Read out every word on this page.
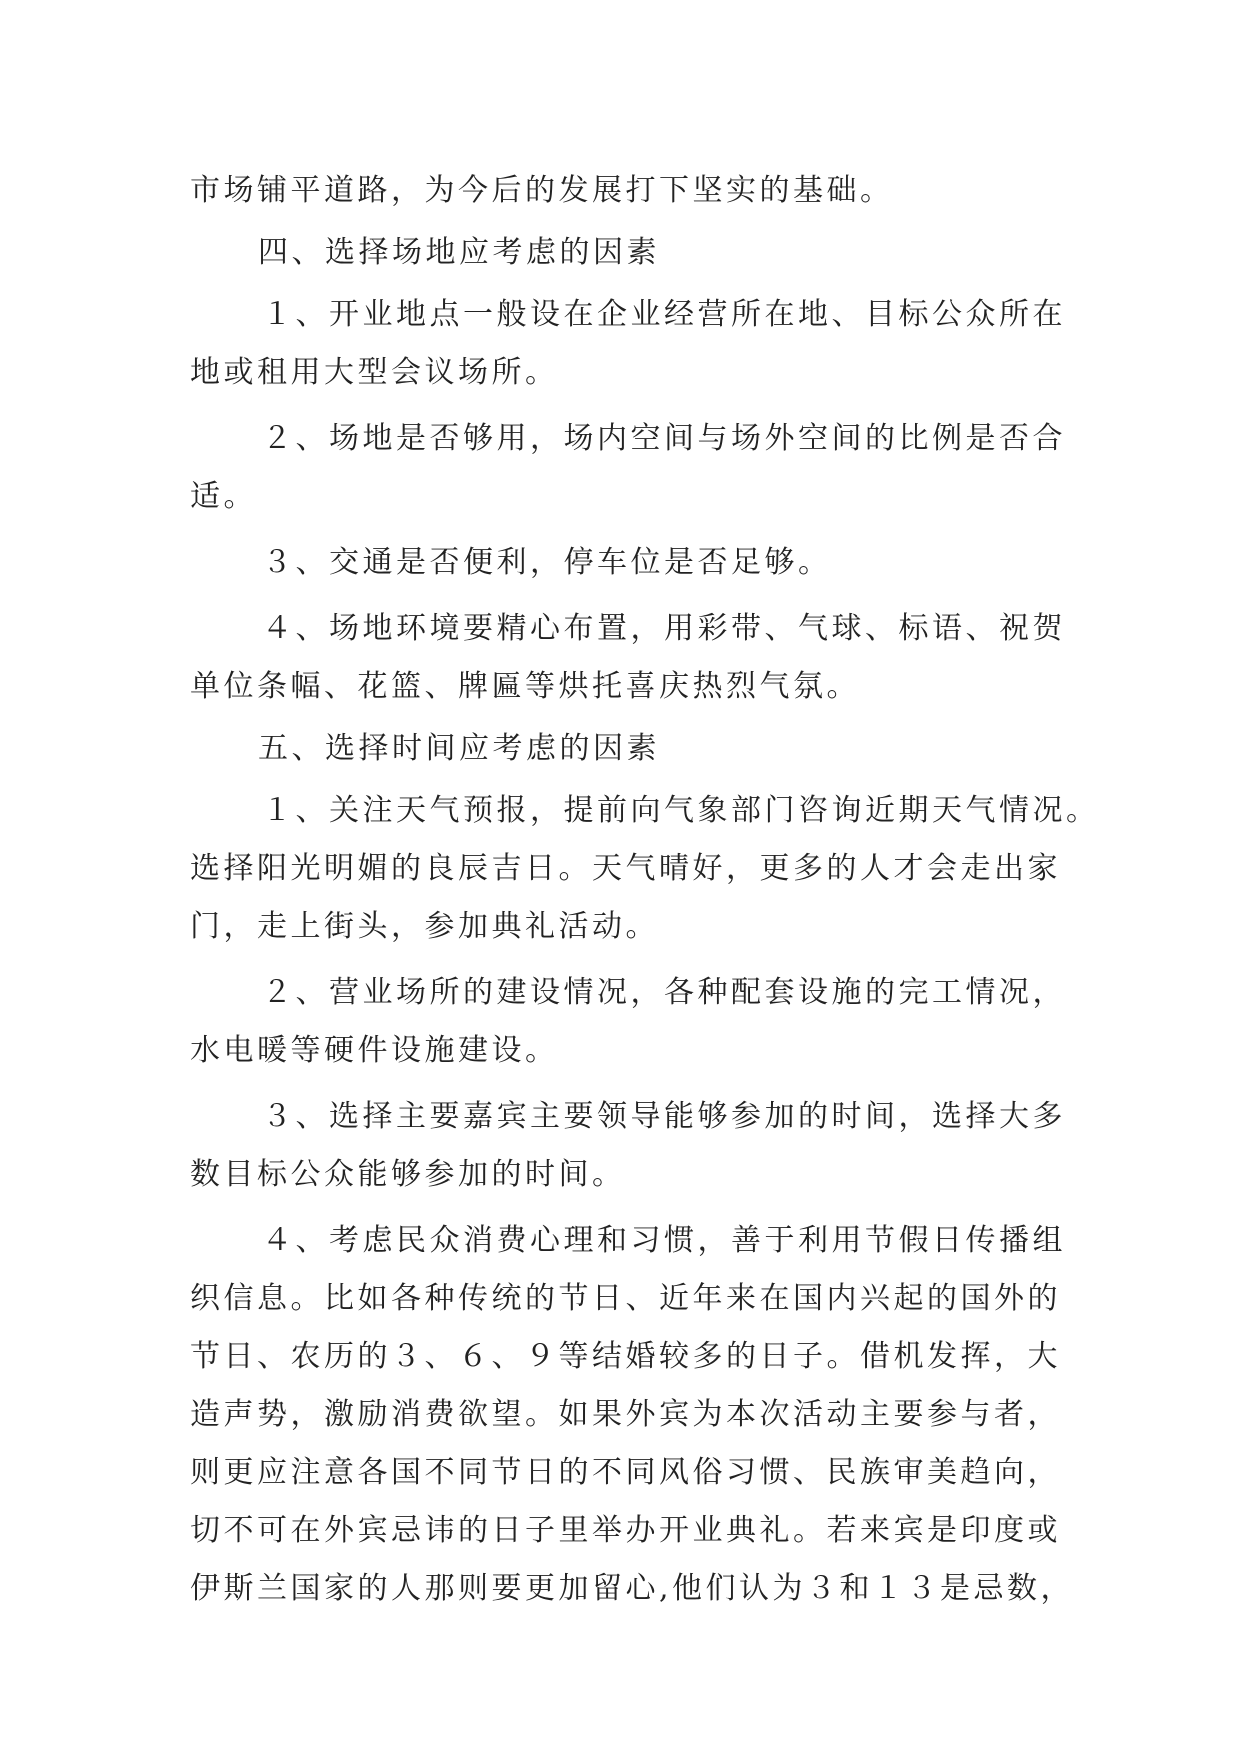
市场铺平道路，为今后的发展打下坚实的基础。
四、选择场地应考虑的因素
１、开业地点一般设在企业经营所在地、目标公众所在
地或租用大型会议场所。
２、场地是否够用，场内空间与场外空间的比例是否合
适。
３、交通是否便利，停车位是否足够。
４、场地环境要精心布置，用彩带、气球、标语、祝贺
单位条幅、花篮、牌匾等烘托喜庆热烈气氛。
五、选择时间应考虑的因素
１、关注天气预报，提前向气象部门咨询近期天气情况。
选择阳光明媚的良辰吉日。天气晴好，更多的人才会走出家
门，走上街头，参加典礼活动。
２、营业场所的建设情况，各种配套设施的完工情况，
水电暖等硬件设施建设。
３、选择主要嘉宾主要领导能够参加的时间，选择大多
数目标公众能够参加的时间。
４、考虑民众消费心理和习惯，善于利用节假日传播组
织信息。比如各种传统的节日、近年来在国内兴起的国外的
节日、农历的３、６、９等结婚较多的日子。借机发挥，大
造声势，激励消费欲望。如果外宾为本次活动主要参与者，
则更应注意各国不同节日的不同风俗习惯、民族审美趋向，
切不可在外宾忌讳的日子里举办开业典礼。若来宾是印度或
伊斯兰国家的人那则要更加留心,他们认为３和１３是忌数，
